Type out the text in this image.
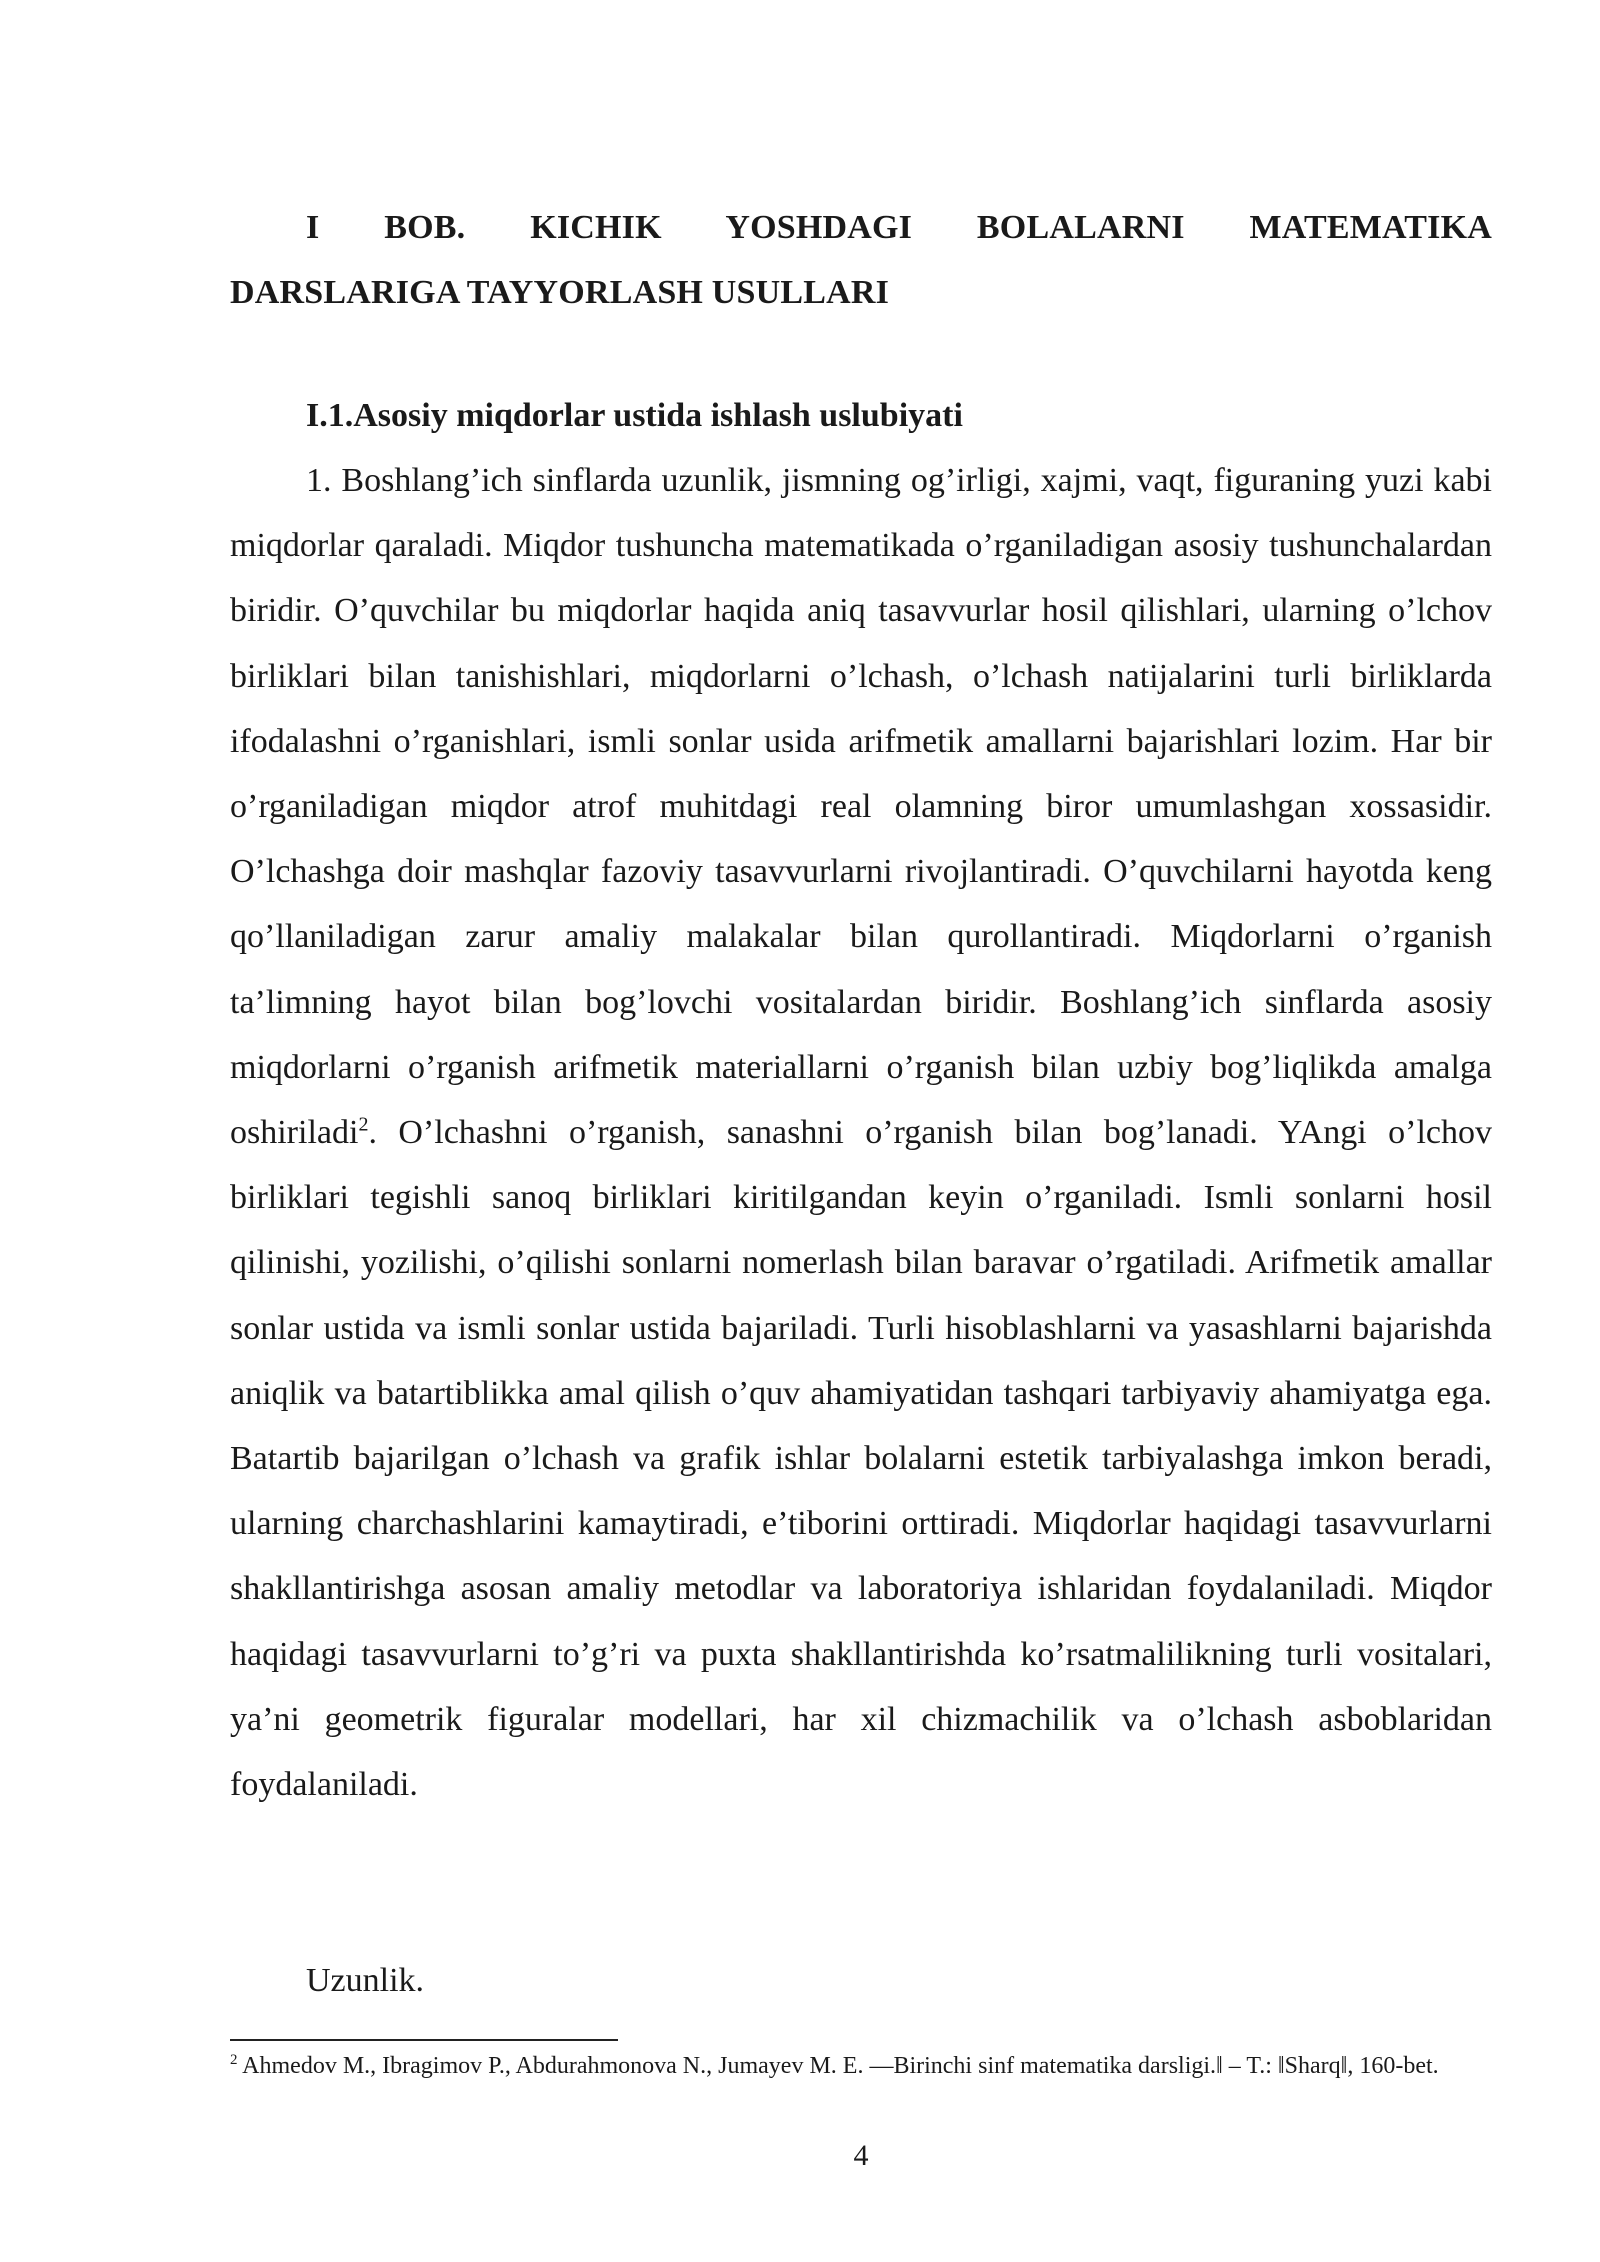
I BOB. KICHIK YOSHDAGI BOLALARNI MATEMATIKA
DARSLARIGA TAYYORLASH USULLARI
I.1.Asosiy miqdorlar ustida ishlash uslubiyati

1. Boshlang’ich sinflarda uzunlik, jismning og’irligi, xajmi, vaqt, figuraning yuzi kabi miqdorlar qaraladi. Miqdor tushuncha matematikada o’rganiladigan asosiy tushunchalardan biridir. O’quvchilar bu miqdorlar haqida aniq tasavvurlar hosil qilishlari, ularning o’lchov birliklari bilan tanishishlari, miqdorlarni o’lchash, o’lchash natijalarini turli birliklarda ifodalashni o’rganishlari, ismli sonlar usida arifmetik amallarni bajarishlari lozim. Har bir o’rganiladigan miqdor atrof muhitdagi real olamning biror umumlashgan xossasidir. O’lchashga doir mashqlar fazoviy tasavvurlarni rivojlantiradi. O’quvchilarni hayotda keng qo’llaniladigan zarur amaliy malakalar bilan qurollantiradi. Miqdorlarni o’rganish ta’limning hayot bilan bog’lovchi vositalardan biridir. Boshlang’ich sinflarda asosiy miqdorlarni o’rganish arifmetik materiallarni o’rganish bilan uzbiy bog’liqlikda amalga oshiriladi$^2$. O’lchashni o’rganish, sanashni o’rganish bilan bog’lanadi. YAngi o’lchov birliklari tegishli sanoq birliklari kiritilgandan keyin o’rganiladi. Ismli sonlarni hosil qilinishi, yozilishi, o’qilishi sonlarni nomerlash bilan baravar o’rgatiladi. Arifmetik amallar sonlar ustida va ismli sonlar ustida bajariladi. Turli hisoblashlarni va yasashlarni bajarishda aniqlik va batartiblikka amal qilish o’quv ahamiyatidan tashqari tarbiyaviy ahamiyatga ega. Batartib bajarilgan o’lchash va grafik ishlar bolalarni estetik tarbiyalashga imkon beradi, ularning charchashlarini kamaytiradi, e’tiborini orttiradi. Miqdorlar haqidagi tasavvurlarni shakllantirishga asosan amaliy metodlar va laboratoriya ishlaridan foydalaniladi. Miqdor haqidagi tasavvurlarni to’g’ri va puxta shakllantirishda ko’rsatmalilikning turli vositalari, ya’ni geometrik figuralar modellari, har xil chizmachilik va o’lchash asboblaridan foydalaniladi.

Uzunlik.

$^2$ Ahmedov M., Ibragimov P., Abdurahmonova N., Jumayev M. E. ―Birinchi sinf matematika darsligi.‖ – T.: ‖Sharq‖, 160-bet.

4
